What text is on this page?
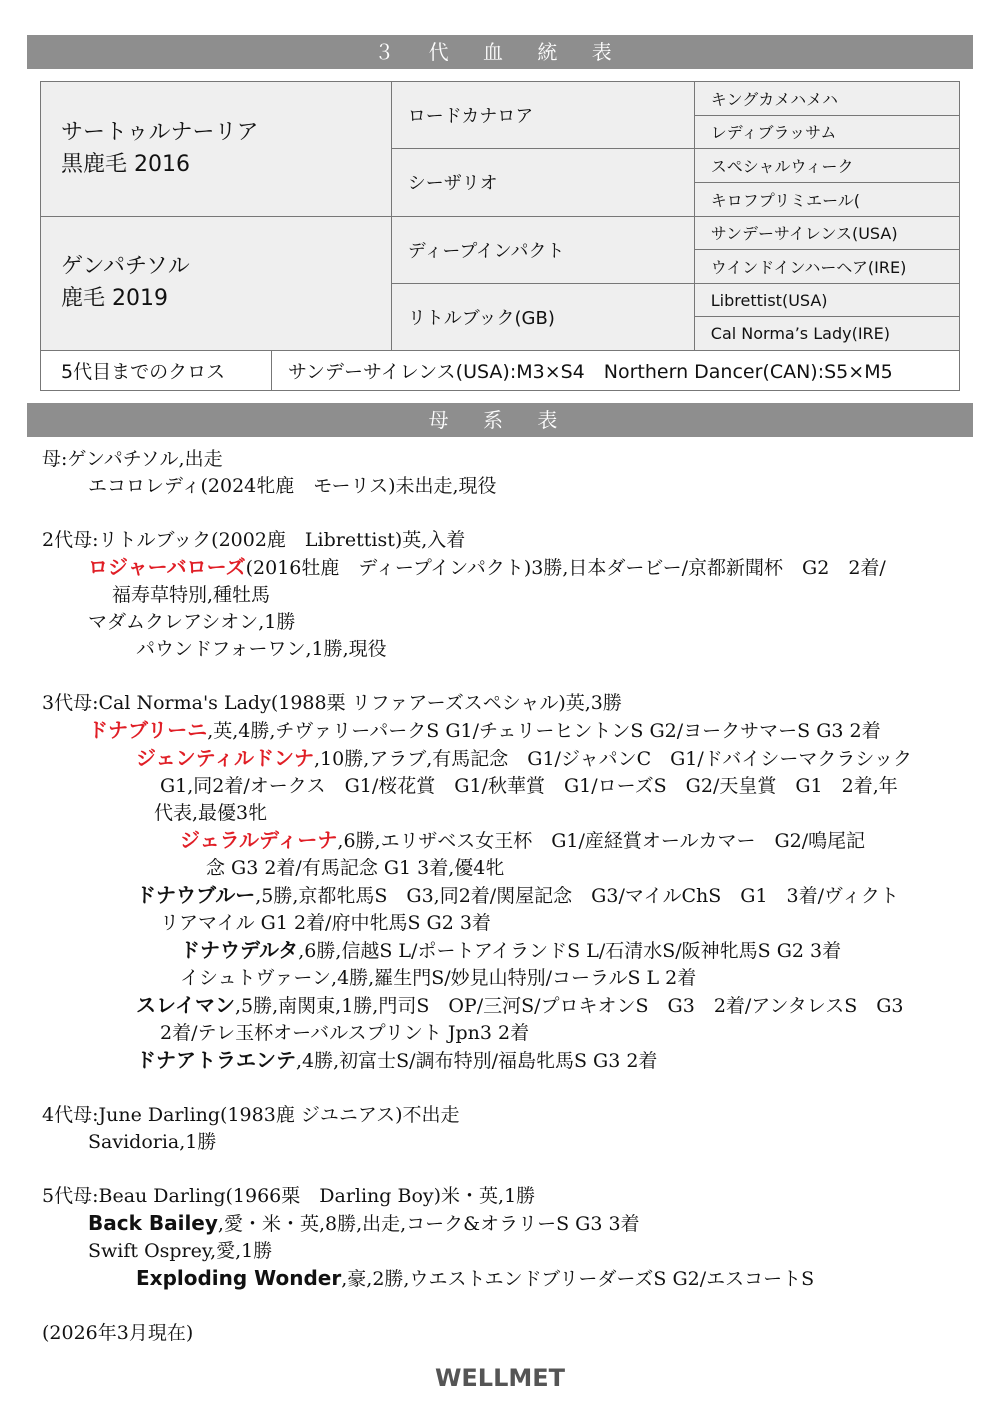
３ 代 血 統 表
サートゥルナーリア
黒鹿毛 2016		ロードカナロア	キングカメハメハ
			レディブラッサム
		シーザリオ	スペシャルウィーク
			キロフプリミエール(

ゲンパチソル
鹿毛 2019		ディープインパクト	サンデーサイレンス(USA)
			ウインドインハーヘア(IRE)
		リトルブック(GB)	Librettist(USA)
			Cal Norma’s Lady(IRE)
5代目までのクロス	サンデーサイレンス(USA):M3×S4　Northern Dancer(CAN):S5×M5		
母 系 表
母:ゲンパチソル,出走
エコロレディ(2024牝鹿　モーリス)未出走,現役
2代母:リトルブック(2002鹿　Librettist)英,入着
ロジャーバローズ(2016牡鹿　ディープインパクト)3勝,日本ダービー/京都新聞杯　G2　2着/
福寿草特別,種牡馬
マダムクレアシオン,1勝
パウンドフォーワン,1勝,現役
3代母:Cal Norma's Lady(1988栗 リファアーズスペシャル)英,3勝
ドナブリーニ,英,4勝,チヴァリーパークS G1/チェリーヒントンS G2/ヨークサマーS G3 2着
ジェンティルドンナ,10勝,アラブ,有馬記念　G1/ジャパンC　G1/ドバイシーマクラシック
G1,同2着/オークス　G1/桜花賞　G1/秋華賞　G1/ローズS　G2/天皇賞　G1　2着,年
代表,最優3牝
ジェラルディーナ,6勝,エリザベス女王杯　G1/産経賞オールカマー　G2/鳴尾記
念 G3 2着/有馬記念 G1 3着,優4牝
ドナウブルー,5勝,京都牝馬S　G3,同2着/関屋記念　G3/マイルChS　G1　3着/ヴィクト
リアマイル G1 2着/府中牝馬S G2 3着
ドナウデルタ,6勝,信越S L/ポートアイランドS L/石清水S/阪神牝馬S G2 3着
イシュトヴァーン,4勝,羅生門S/妙見山特別/コーラルS L 2着
スレイマン,5勝,南関東,1勝,門司S　OP/三河S/プロキオンS　G3　2着/アンタレスS　G3
2着/テレ玉杯オーバルスプリント Jpn3 2着
ドナアトラエンテ,4勝,初富士S/調布特別/福島牝馬S G3 2着
4代母:June Darling(1983鹿 ジユニアス)不出走
Savidoria,1勝
5代母:Beau Darling(1966栗　Darling Boy)米・英,1勝
Back Bailey,愛・米・英,8勝,出走,コーク&オラリーS G3 3着
Swift Osprey,愛,1勝
Exploding Wonder,豪,2勝,ウエストエンドブリーダーズS G2/エスコートS
(2026年3月現在)
WELLMET
